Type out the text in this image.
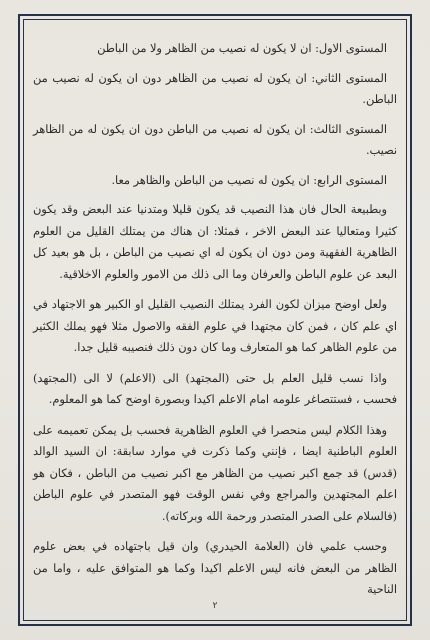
المستوى الاول: ان لا يكون له نصيب من الظاهر ولا من الباطن

المستوى الثاني: ان يكون له نصيب من الظاهر دون ان يكون له نصيب من الباطن.

المستوى الثالث: ان يكون له نصيب من الباطن دون ان يكون له من الظاهر نصيب.

المستوى الرابع: ان يكون له نصيب من الباطن والظاهر معا.

وبطبيعة الحال فان هذا النصيب قد يكون قليلا ومتدنيا عند البعض وقد يكون كثيرا ومتعاليا عند البعض الاخر ، فمثلا: ان هناك من يمتلك القليل من العلوم الظاهرية الفقهية ومن دون ان يكون له اي نصيب من الباطن ، بل هو بعيد كل البعد عن علوم الباطن والعرفان وما الى ذلك من الامور والعلوم الاخلاقية.

ولعل اوضح ميزان لكون الفرد يمتلك النصيب القليل او الكبير هو الاجتهاد في اي علم كان ، فمن كان مجتهدا في علوم الفقه والاصول مثلا فهو يملك الكثير من علوم الظاهر كما هو المتعارف وما كان دون ذلك فنصيبه قليل جدا.

واذا نسب قليل العلم بل حتى (المجتهد) الى (الاعلم) لا الى (المجتهد) فحسب ، فستتصاغر علومه امام الاعلم اكيدا وبصورة اوضح كما هو المعلوم.

وهذا الكلام ليس منحصرا في العلوم الظاهرية فحسب بل يمكن تعميمه على العلوم الباطنية ايضا ، فإنني وكما ذكرت في موارد سابقة: ان السيد الوالد (قدس) قد جمع اكبر نصيب من الظاهر مع اكبر نصيب من الباطن ، فكان هو اعلم المجتهدين والمراجع وفي نفس الوقت فهو المتصدر في علوم الباطن (فالسلام على الصدر المتصدر ورحمة الله وبركاته).

وحسب علمي فان (العلامة الحيدري) وان قيل باجتهاده في بعض علوم الظاهر من البعض فانه ليس الاعلم اكيدا وكما هو المتوافق عليه ، واما من الناحية

٢
